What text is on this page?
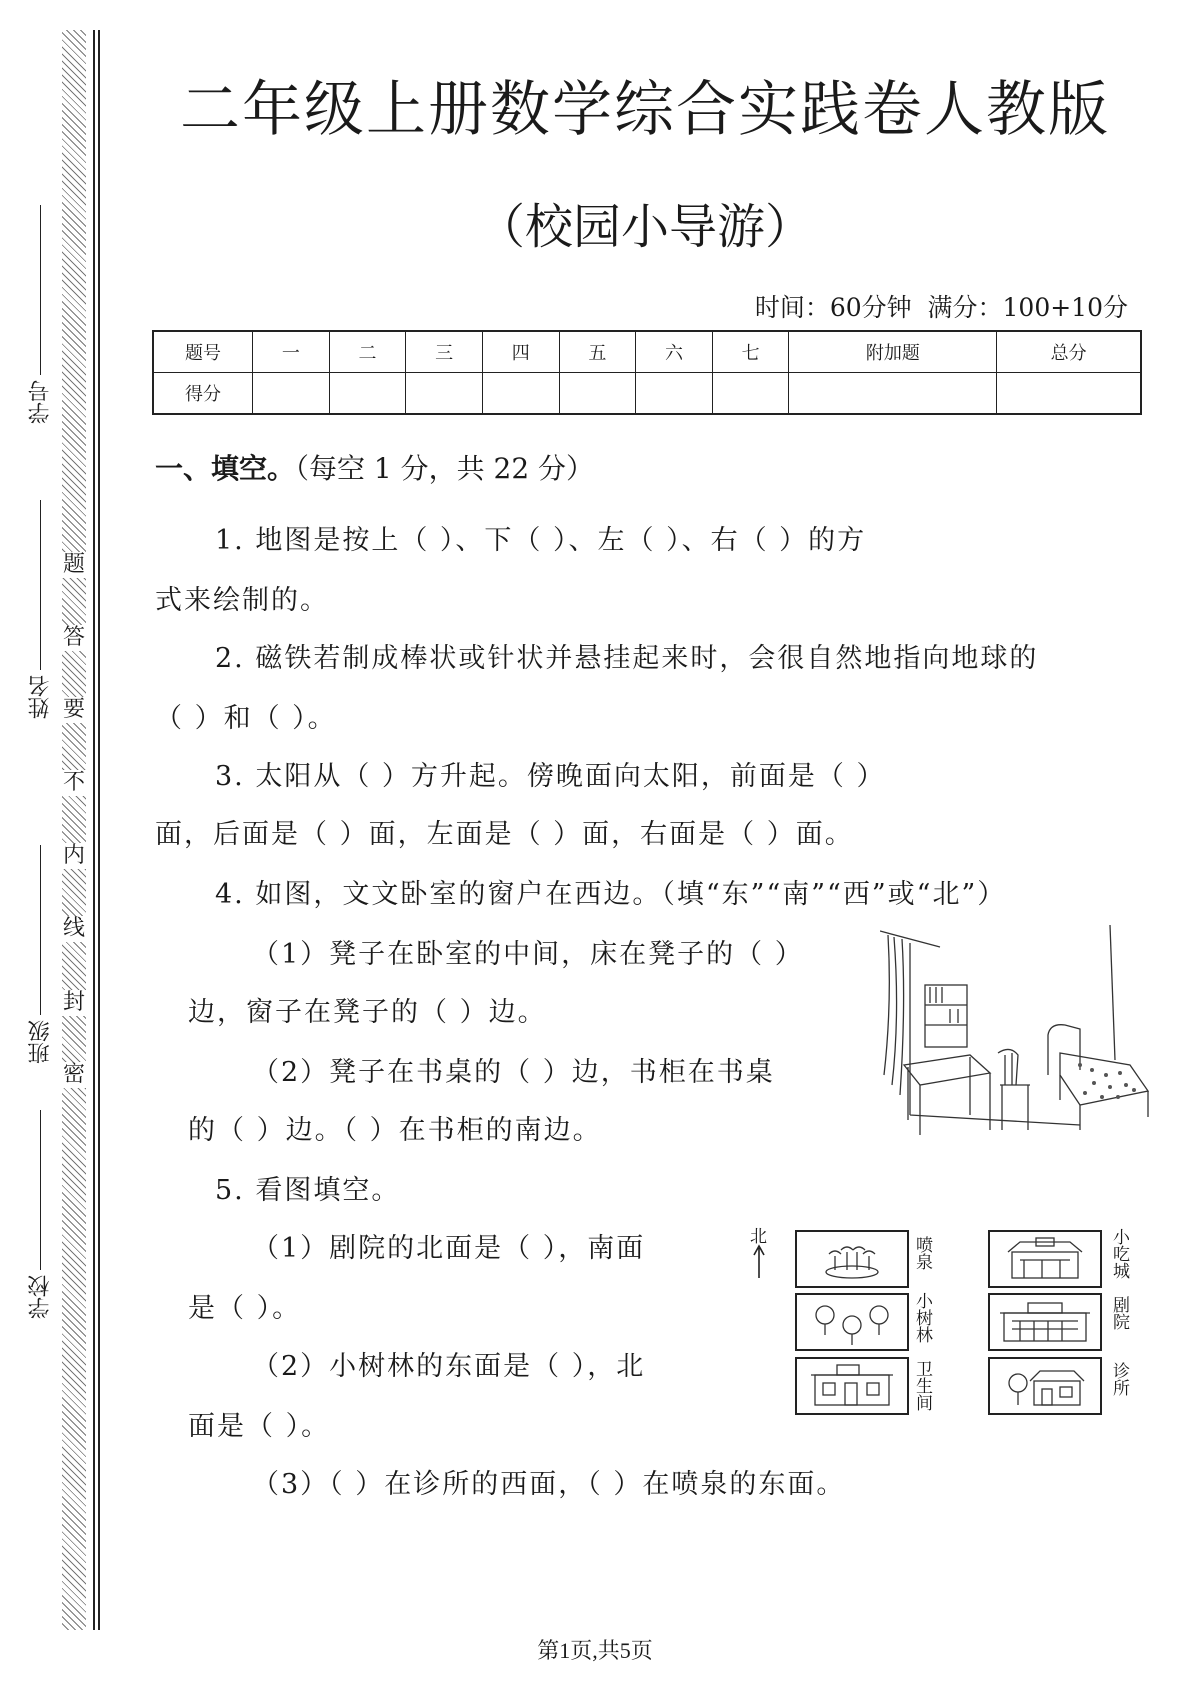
学号
姓名
班级
学校
题
答
要
不
内
线
封
密
二年级上册数学综合实践卷人教版
（校园小导游）
时间：60分钟  满分：100+10分
题号	一	二	三	四	五	六	七	附加题	总分
得分									
一、填空。（每空 1 分，共 22 分）
1. 地图是按上（ ）、下（ ）、左（ ）、右（ ）的方
式来绘制的。
2. 磁铁若制成棒状或针状并悬挂起来时，会很自然地指向地球的
（ ）和（ ）。
3. 太阳从（ ）方升起。傍晚面向太阳，前面是（ ）
面，后面是（ ）面，左面是（ ）面，右面是（ ）面。
4. 如图，文文卧室的窗户在西边。（填“东”“南”“西”或“北”）
（1）凳子在卧室的中间，床在凳子的（ ）
边，窗子在凳子的（ ）边。
（2）凳子在书桌的（ ）边，书柜在书桌
的（ ）边。（ ）在书柜的南边。
5. 看图填空。
（1）剧院的北面是（ ），南面
是（ ）。
（2）小树林的东面是（ ），北
面是（ ）。
（3）（ ）在诊所的西面，（ ）在喷泉的东面。
北	喷泉
小树林
卫生间
小吃城
剧院
诊所
第1页,共5页
